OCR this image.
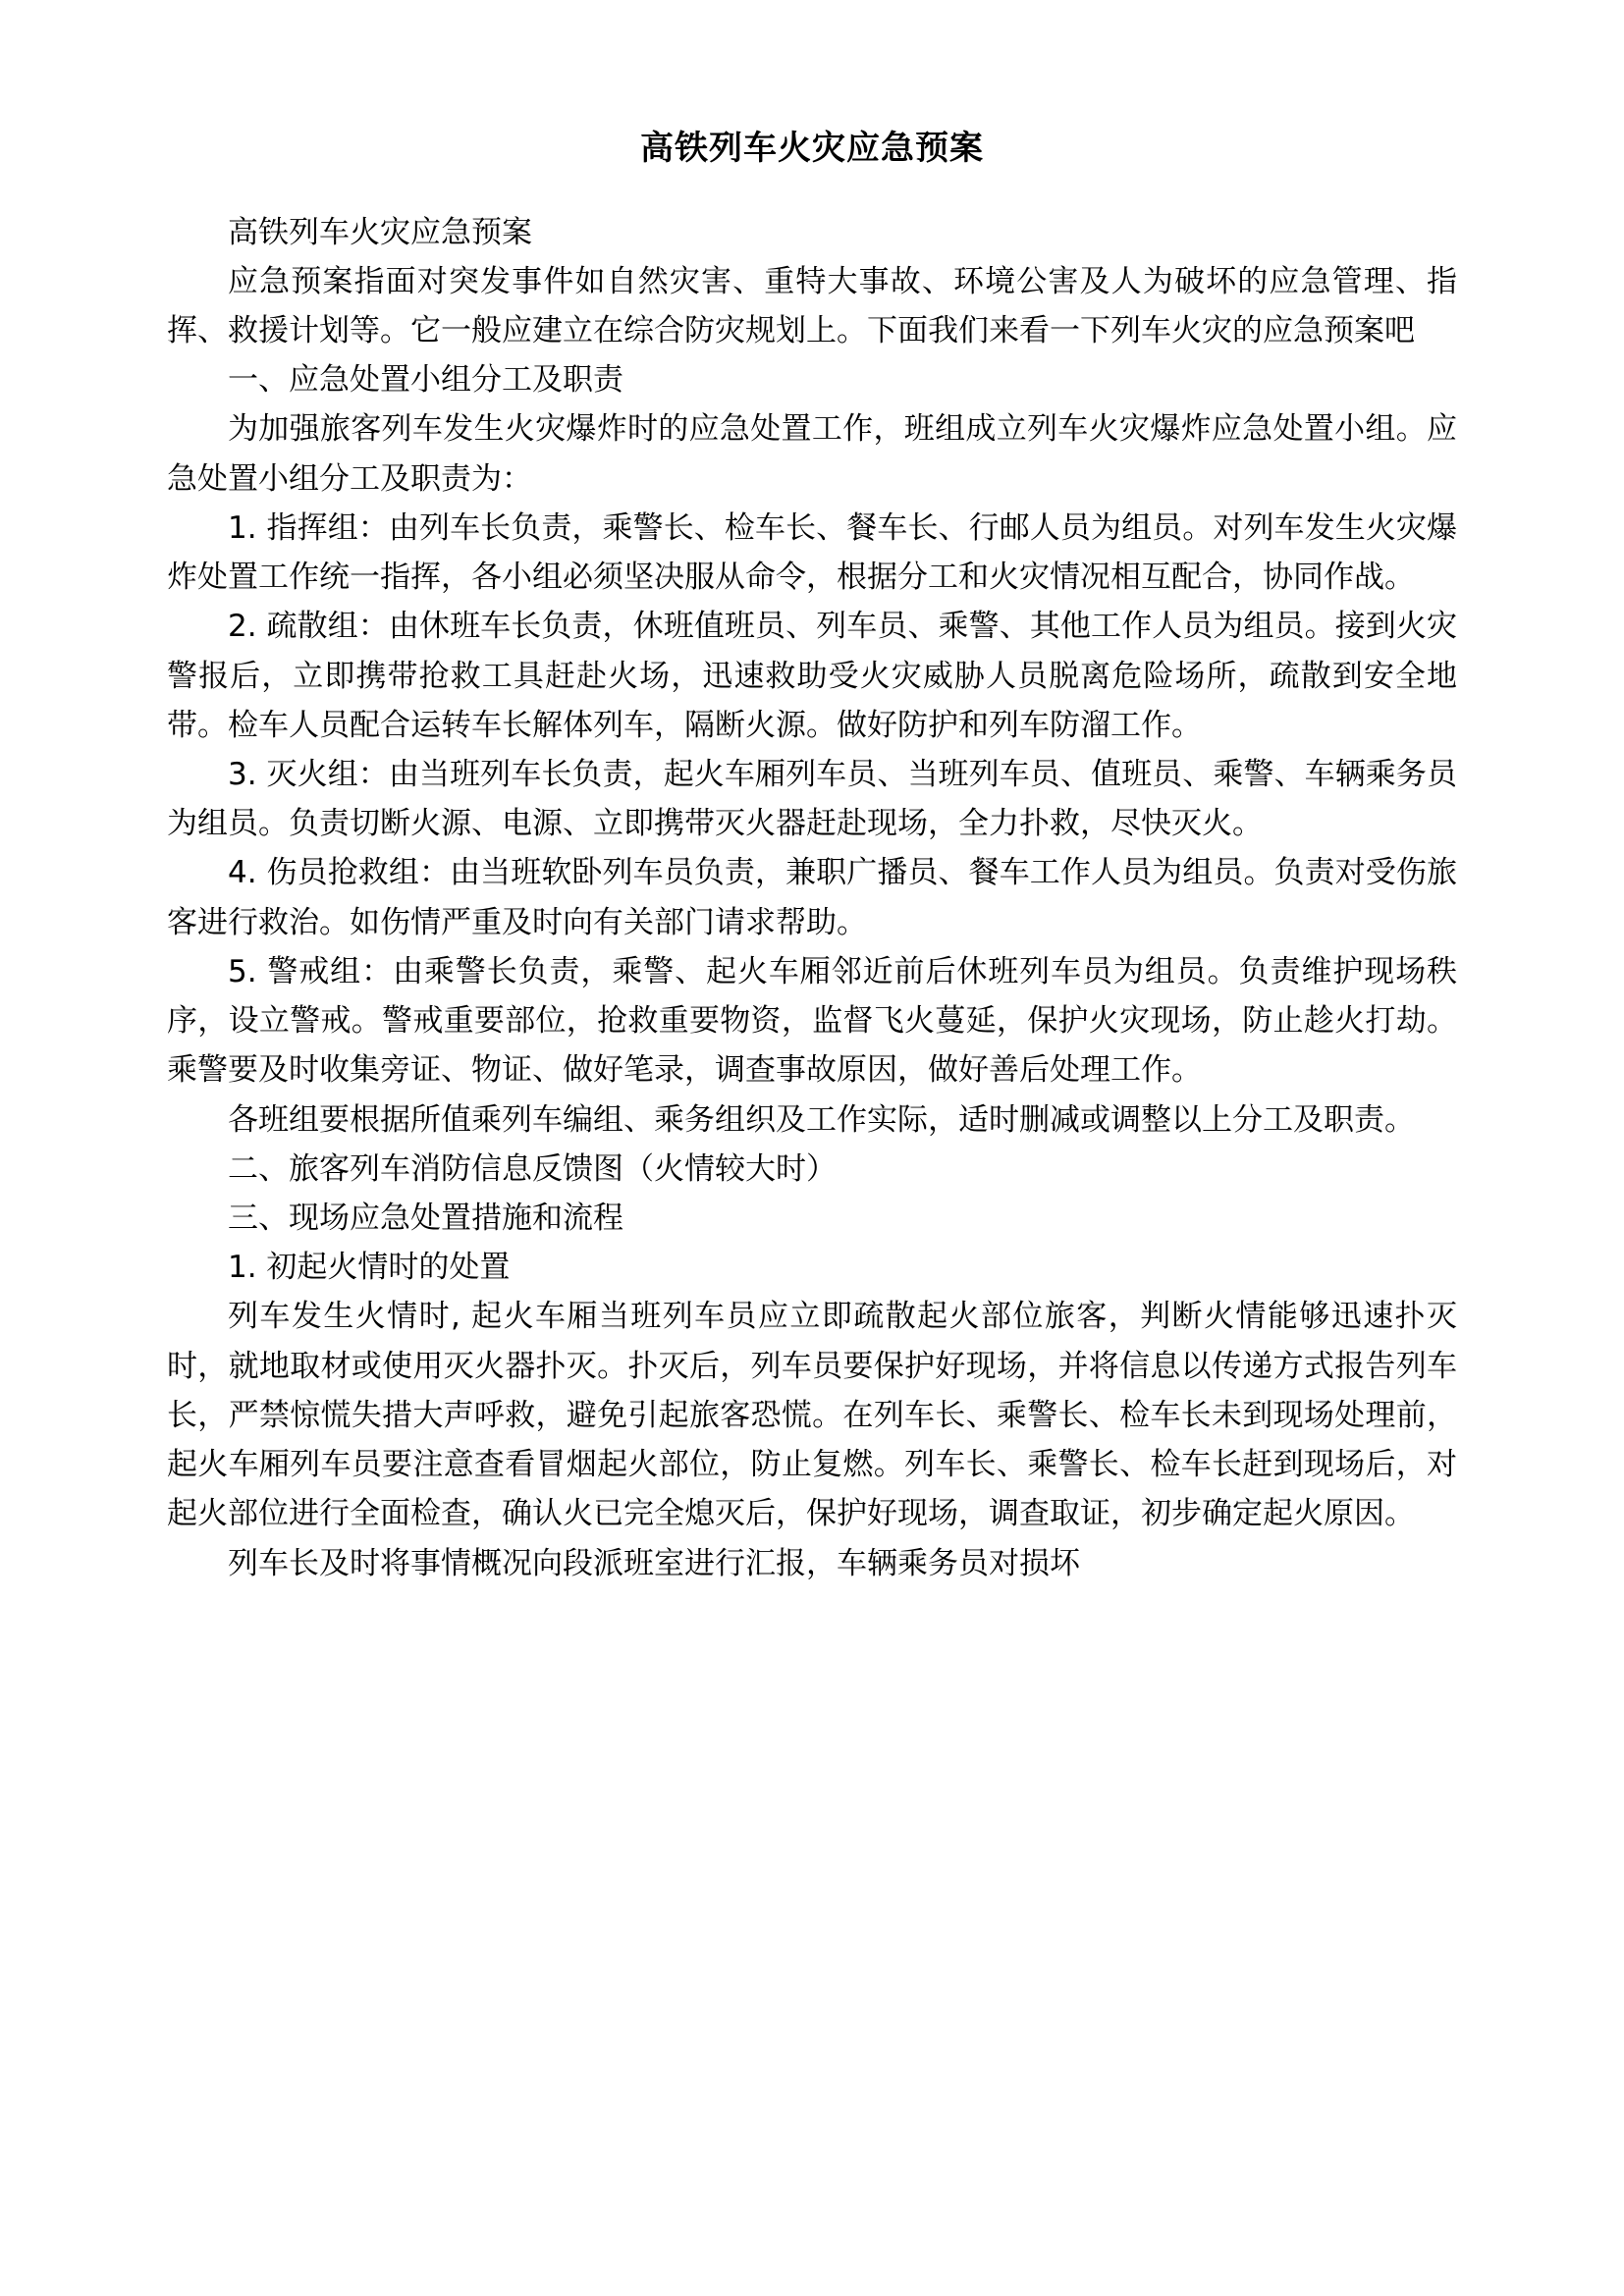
高铁列车火灾应急预案

高铁列车火灾应急预案

应急预案指面对突发事件如自然灾害、重特大事故、环境公害及人为破坏的应急管理、指挥、救援计划等。它一般应建立在综合防灾规划上。下面我们来看一下列车火灾的应急预案吧

一、应急处置小组分工及职责

为加强旅客列车发生火灾爆炸时的应急处置工作，班组成立列车火灾爆炸应急处置小组。应急处置小组分工及职责为：

1. 指挥组：由列车长负责，乘警长、检车长、餐车长、行邮人员为组员。对列车发生火灾爆炸处置工作统一指挥，各小组必须坚决服从命令，根据分工和火灾情况相互配合，协同作战。

2. 疏散组：由休班车长负责，休班值班员、列车员、乘警、其他工作人员为组员。接到火灾警报后，立即携带抢救工具赶赴火场，迅速救助受火灾威胁人员脱离危险场所，疏散到安全地带。检车人员配合运转车长解体列车，隔断火源。做好防护和列车防溜工作。

3. 灭火组：由当班列车长负责，起火车厢列车员、当班列车员、值班员、乘警、车辆乘务员为组员。负责切断火源、电源、立即携带灭火器赶赴现场，全力扑救，尽快灭火。

4. 伤员抢救组：由当班软卧列车员负责，兼职广播员、餐车工作人员为组员。负责对受伤旅客进行救治。如伤情严重及时向有关部门请求帮助。

5. 警戒组：由乘警长负责，乘警、起火车厢邻近前后休班列车员为组员。负责维护现场秩序，设立警戒。警戒重要部位，抢救重要物资，监督飞火蔓延，保护火灾现场，防止趁火打劫。乘警要及时收集旁证、物证、做好笔录，调查事故原因，做好善后处理工作。

各班组要根据所值乘列车编组、乘务组织及工作实际，适时删减或调整以上分工及职责。

二、旅客列车消防信息反馈图（火情较大时）

三、现场应急处置措施和流程

1. 初起火情时的处置

列车发生火情时, 起火车厢当班列车员应立即疏散起火部位旅客，判断火情能够迅速扑灭时，就地取材或使用灭火器扑灭。扑灭后，列车员要保护好现场，并将信息以传递方式报告列车长，严禁惊慌失措大声呼救，避免引起旅客恐慌。在列车长、乘警长、检车长未到现场处理前，起火车厢列车员要注意查看冒烟起火部位，防止复燃。列车长、乘警长、检车长赶到现场后，对起火部位进行全面检查，确认火已完全熄灭后，保护好现场，调查取证，初步确定起火原因。

列车长及时将事情概况向段派班室进行汇报，车辆乘务员对损坏
